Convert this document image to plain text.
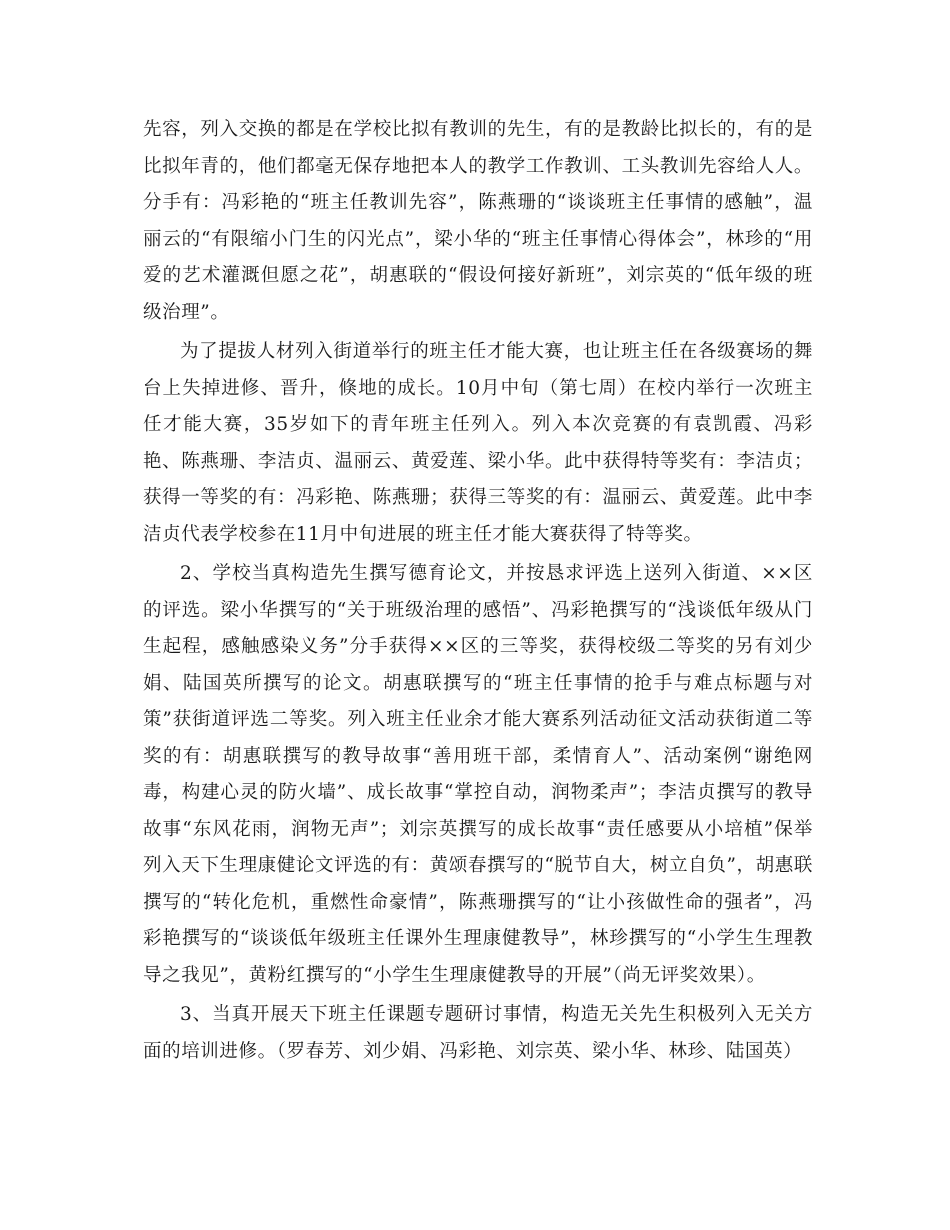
先容，列入交换的都是在学校比拟有教训的先生，有的是教龄比拟长的，有的是比拟年青的，他们都毫无保存地把本人的教学工作教训、工头教训先容给人人。分手有：冯彩艳的“班主任教训先容”，陈燕珊的“谈谈班主任事情的感触”，温丽云的“有限缩小门生的闪光点”，梁小华的“班主任事情心得体会”，林珍的“用爱的艺术灌溉但愿之花”，胡惠联的“假设何接好新班”，刘宗英的“低年级的班级治理”。

为了提拔人材列入街道举行的班主任才能大赛，也让班主任在各级赛场的舞台上失掉进修、晋升，倏地的成长。10月中旬（第七周）在校内举行一次班主任才能大赛，35岁如下的青年班主任列入。列入本次竞赛的有袁凯霞、冯彩艳、陈燕珊、李洁贞、温丽云、黄爱莲、梁小华。此中获得特等奖有：李洁贞；获得一等奖的有：冯彩艳、陈燕珊；获得三等奖的有：温丽云、黄爱莲。此中李洁贞代表学校参在11月中旬进展的班主任才能大赛获得了特等奖。

2、学校当真构造先生撰写德育论文，并按恳求评选上送列入街道、××区的评选。梁小华撰写的“关于班级治理的感悟”、冯彩艳撰写的“浅谈低年级从门生起程，感触感染义务”分手获得××区的三等奖，获得校级二等奖的另有刘少娟、陆国英所撰写的论文。胡惠联撰写的“班主任事情的抢手与难点标题与对策”获街道评选二等奖。列入班主任业余才能大赛系列活动征文活动获街道二等奖的有：胡惠联撰写的教导故事“善用班干部，柔情育人”、活动案例“谢绝网毒，构建心灵的防火墙”、成长故事“掌控自动，润物柔声”；李洁贞撰写的教导故事“东风花雨，润物无声”；刘宗英撰写的成长故事“责任感要从小培植”保举列入天下生理康健论文评选的有：黄颂春撰写的“脱节自大，树立自负”，胡惠联撰写的“转化危机，重燃性命豪情”，陈燕珊撰写的“让小孩做性命的强者”，冯彩艳撰写的“谈谈低年级班主任课外生理康健教导”，林珍撰写的“小学生生理教导之我见”，黄粉红撰写的“小学生生理康健教导的开展”（尚无评奖效果）。

3、当真开展天下班主任课题专题研讨事情，构造无关先生积极列入无关方面的培训进修。（罗春芳、刘少娟、冯彩艳、刘宗英、梁小华、林珍、陆国英）
